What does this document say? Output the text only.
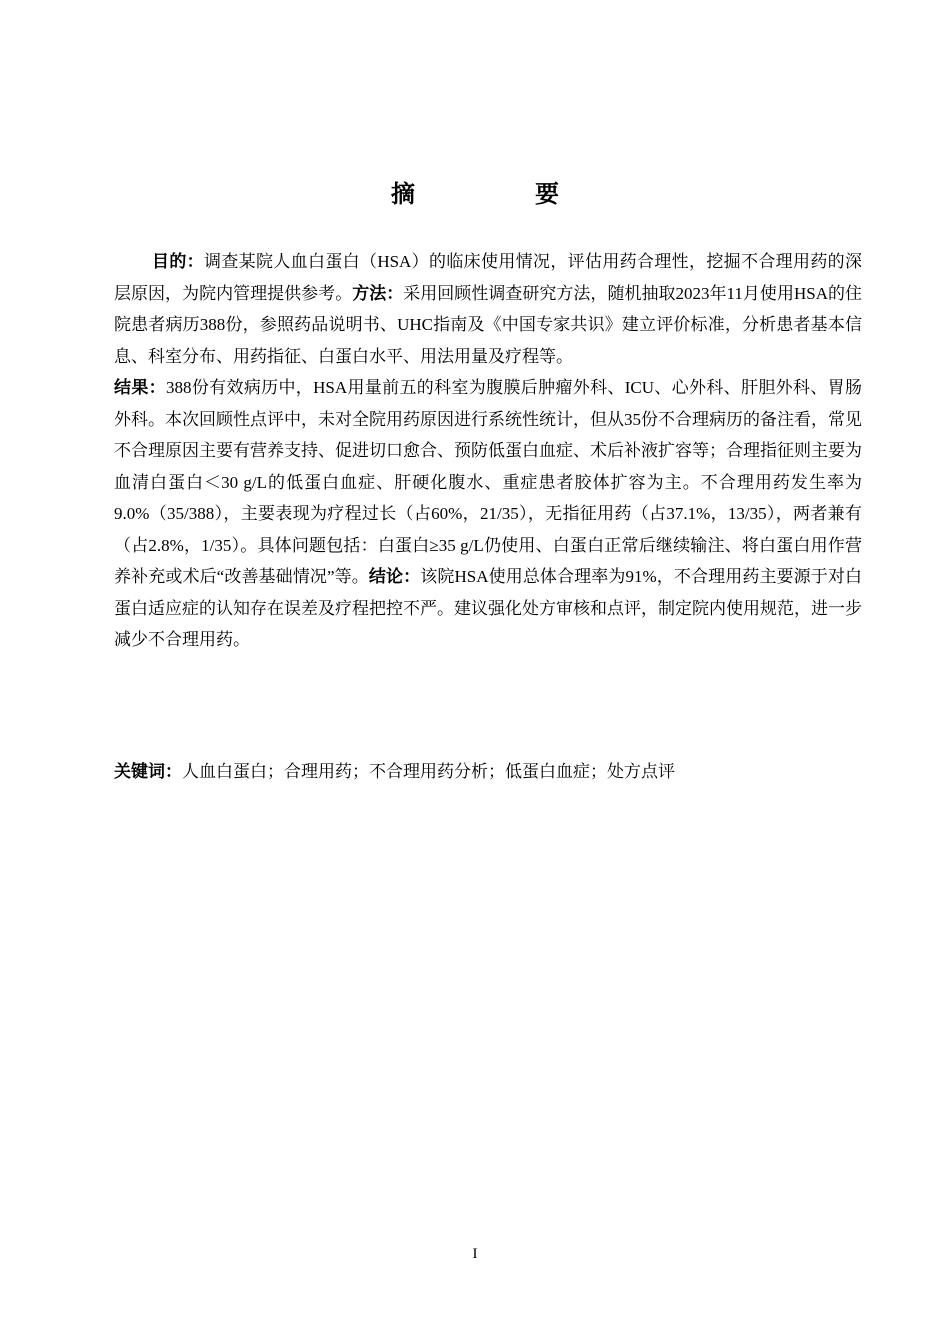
摘　要

目的：调查某院人血白蛋白（HSA）的临床使用情况，评估用药合理性，挖掘不合理用药的深层原因，为院内管理提供参考。方法：采用回顾性调查研究方法，随机抽取2023年11月使用HSA的住院患者病历388份，参照药品说明书、UHC指南及《中国专家共识》建立评价标准，分析患者基本信息、科室分布、用药指征、白蛋白水平、用法用量及疗程等。

结果：388份有效病历中，HSA用量前五的科室为腹膜后肿瘤外科、ICU、心外科、肝胆外科、胃肠外科。本次回顾性点评中，未对全院用药原因进行系统性统计，但从35份不合理病历的备注看，常见不合理原因主要有营养支持、促进切口愈合、预防低蛋白血症、术后补液扩容等；合理指征则主要为血清白蛋白＜30 g/L的低蛋白血症、肝硬化腹水、重症患者胶体扩容为主。不合理用药发生率为9.0%（35/388），主要表现为疗程过长（占60%，21/35），无指征用药（占37.1%，13/35），两者兼有（占2.8%，1/35）。具体问题包括：白蛋白≥35 g/L仍使用、白蛋白正常后继续输注、将白蛋白用作营养补充或术后“改善基础情况”等。结论：该院HSA使用总体合理率为91%，不合理用药主要源于对白蛋白适应症的认知存在误差及疗程把控不严。建议强化处方审核和点评，制定院内使用规范，进一步减少不合理用药。

关键词：人血白蛋白；合理用药；不合理用药分析；低蛋白血症；处方点评
I
